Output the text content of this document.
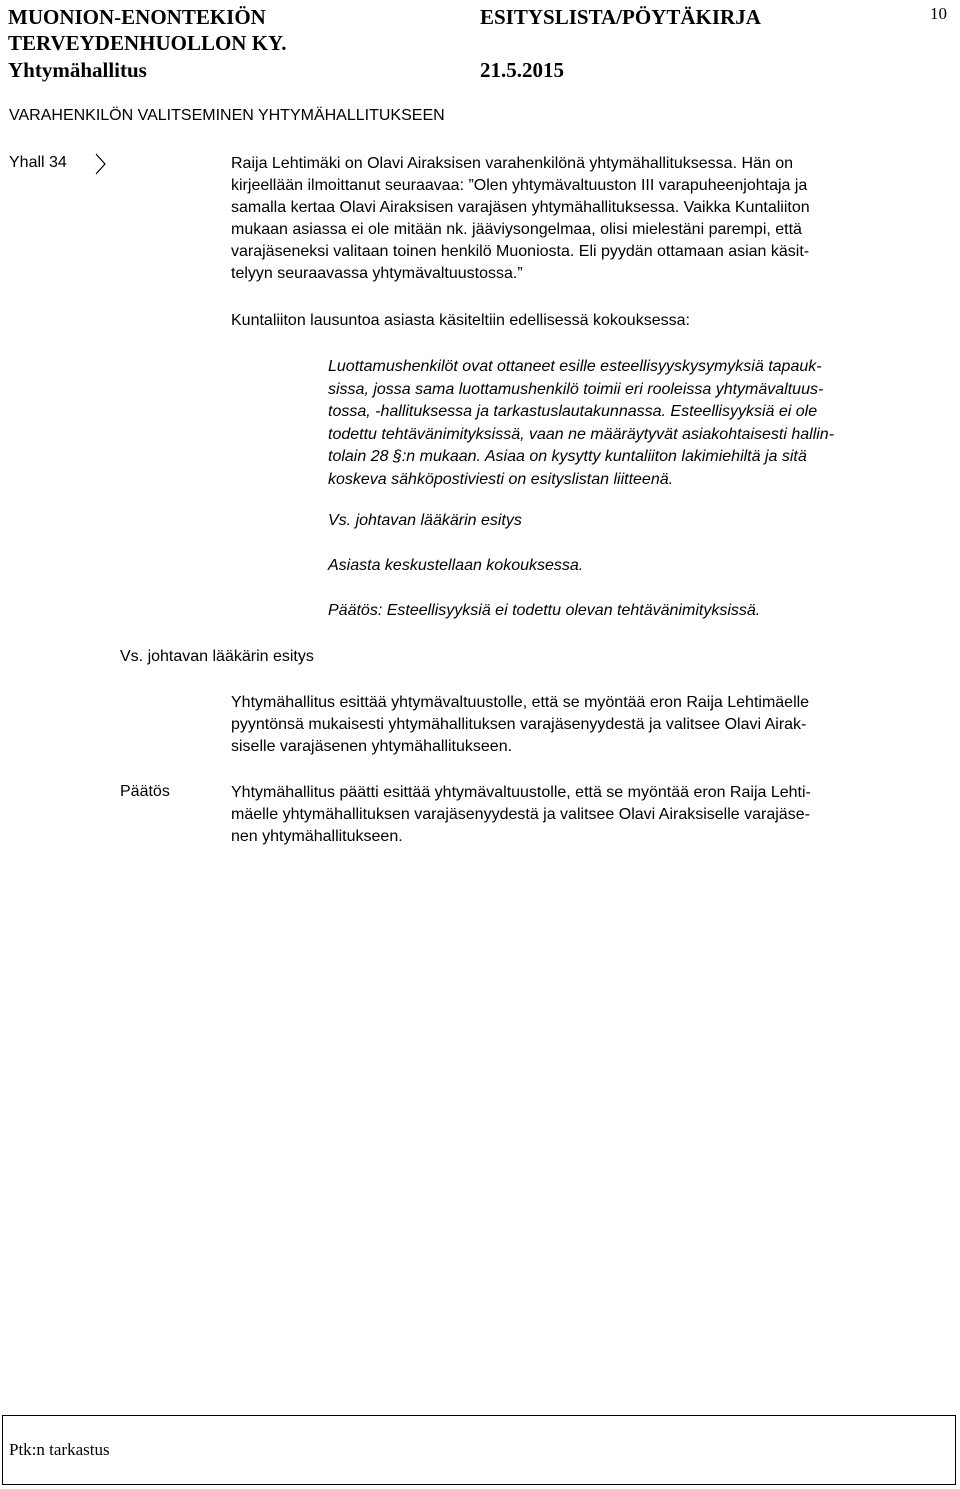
MUONION-ENONTEKIÖN
TERVEYDENHUOLLON KY.
Yhtymähallitus
ESITYSLISTA/PÖYTÄKIRJA
21.5.2015
10
VARAHENKILÖN VALITSEMINEN YHTYMÄHALLITUKSEEN
Yhall 34	Raija Lehtimäki on Olavi Airaksisen varahenkilönä yhtymähallituksessa. Hän on

kirjeellään ilmoittanut seuraavaa: ”Olen yhtymävaltuuston III varapuheenjohtaja ja

samalla kertaa Olavi Airaksisen varajäsen yhtymähallituksessa. Vaikka Kuntaliiton

mukaan asiassa ei ole mitään nk. jääviysongelmaa, olisi mielestäni parempi, että

varajäseneksi valitaan toinen henkilö Muoniosta. Eli pyydän ottamaan asian käsit-

telyyn seuraavassa yhtymävaltuustossa.”

Kuntaliiton lausuntoa asiasta käsiteltiin edellisessä kokouksessa:

Luottamushenkilöt ovat ottaneet esille esteellisyyskysymyksiä tapauk-

sissa, jossa sama luottamushenkilö toimii eri rooleissa yhtymävaltuus-

tossa, -hallituksessa ja tarkastuslautakunnassa. Esteellisyyksiä ei ole

todettu tehtävänimityksissä, vaan ne määräytyvät asiakohtaisesti hallin-

tolain 28 §:n mukaan. Asiaa on kysytty kuntaliiton lakimiehiltä ja sitä

koskeva sähköpostiviesti on esityslistan liitteenä.

Vs. johtavan lääkärin esitys
Asiasta keskustellaan kokouksessa.
Päätös: Esteellisyyksiä ei todettu olevan tehtävänimityksissä.
Vs. johtavan lääkärin esitys

Yhtymähallitus esittää yhtymävaltuustolle, että se myöntää eron Raija Lehtimäelle

pyyntönsä mukaisesti yhtymähallituksen varajäsenyydestä ja valitsee Olavi Airak-

siselle varajäsenen yhtymähallitukseen.

Päätös	Yhtymähallitus päätti esittää yhtymävaltuustolle, että se myöntää eron Raija Lehti-

mäelle yhtymähallituksen varajäsenyydestä ja valitsee Olavi Airaksiselle varajäse-

nen yhtymähallitukseen.

Ptk:n tarkastus
